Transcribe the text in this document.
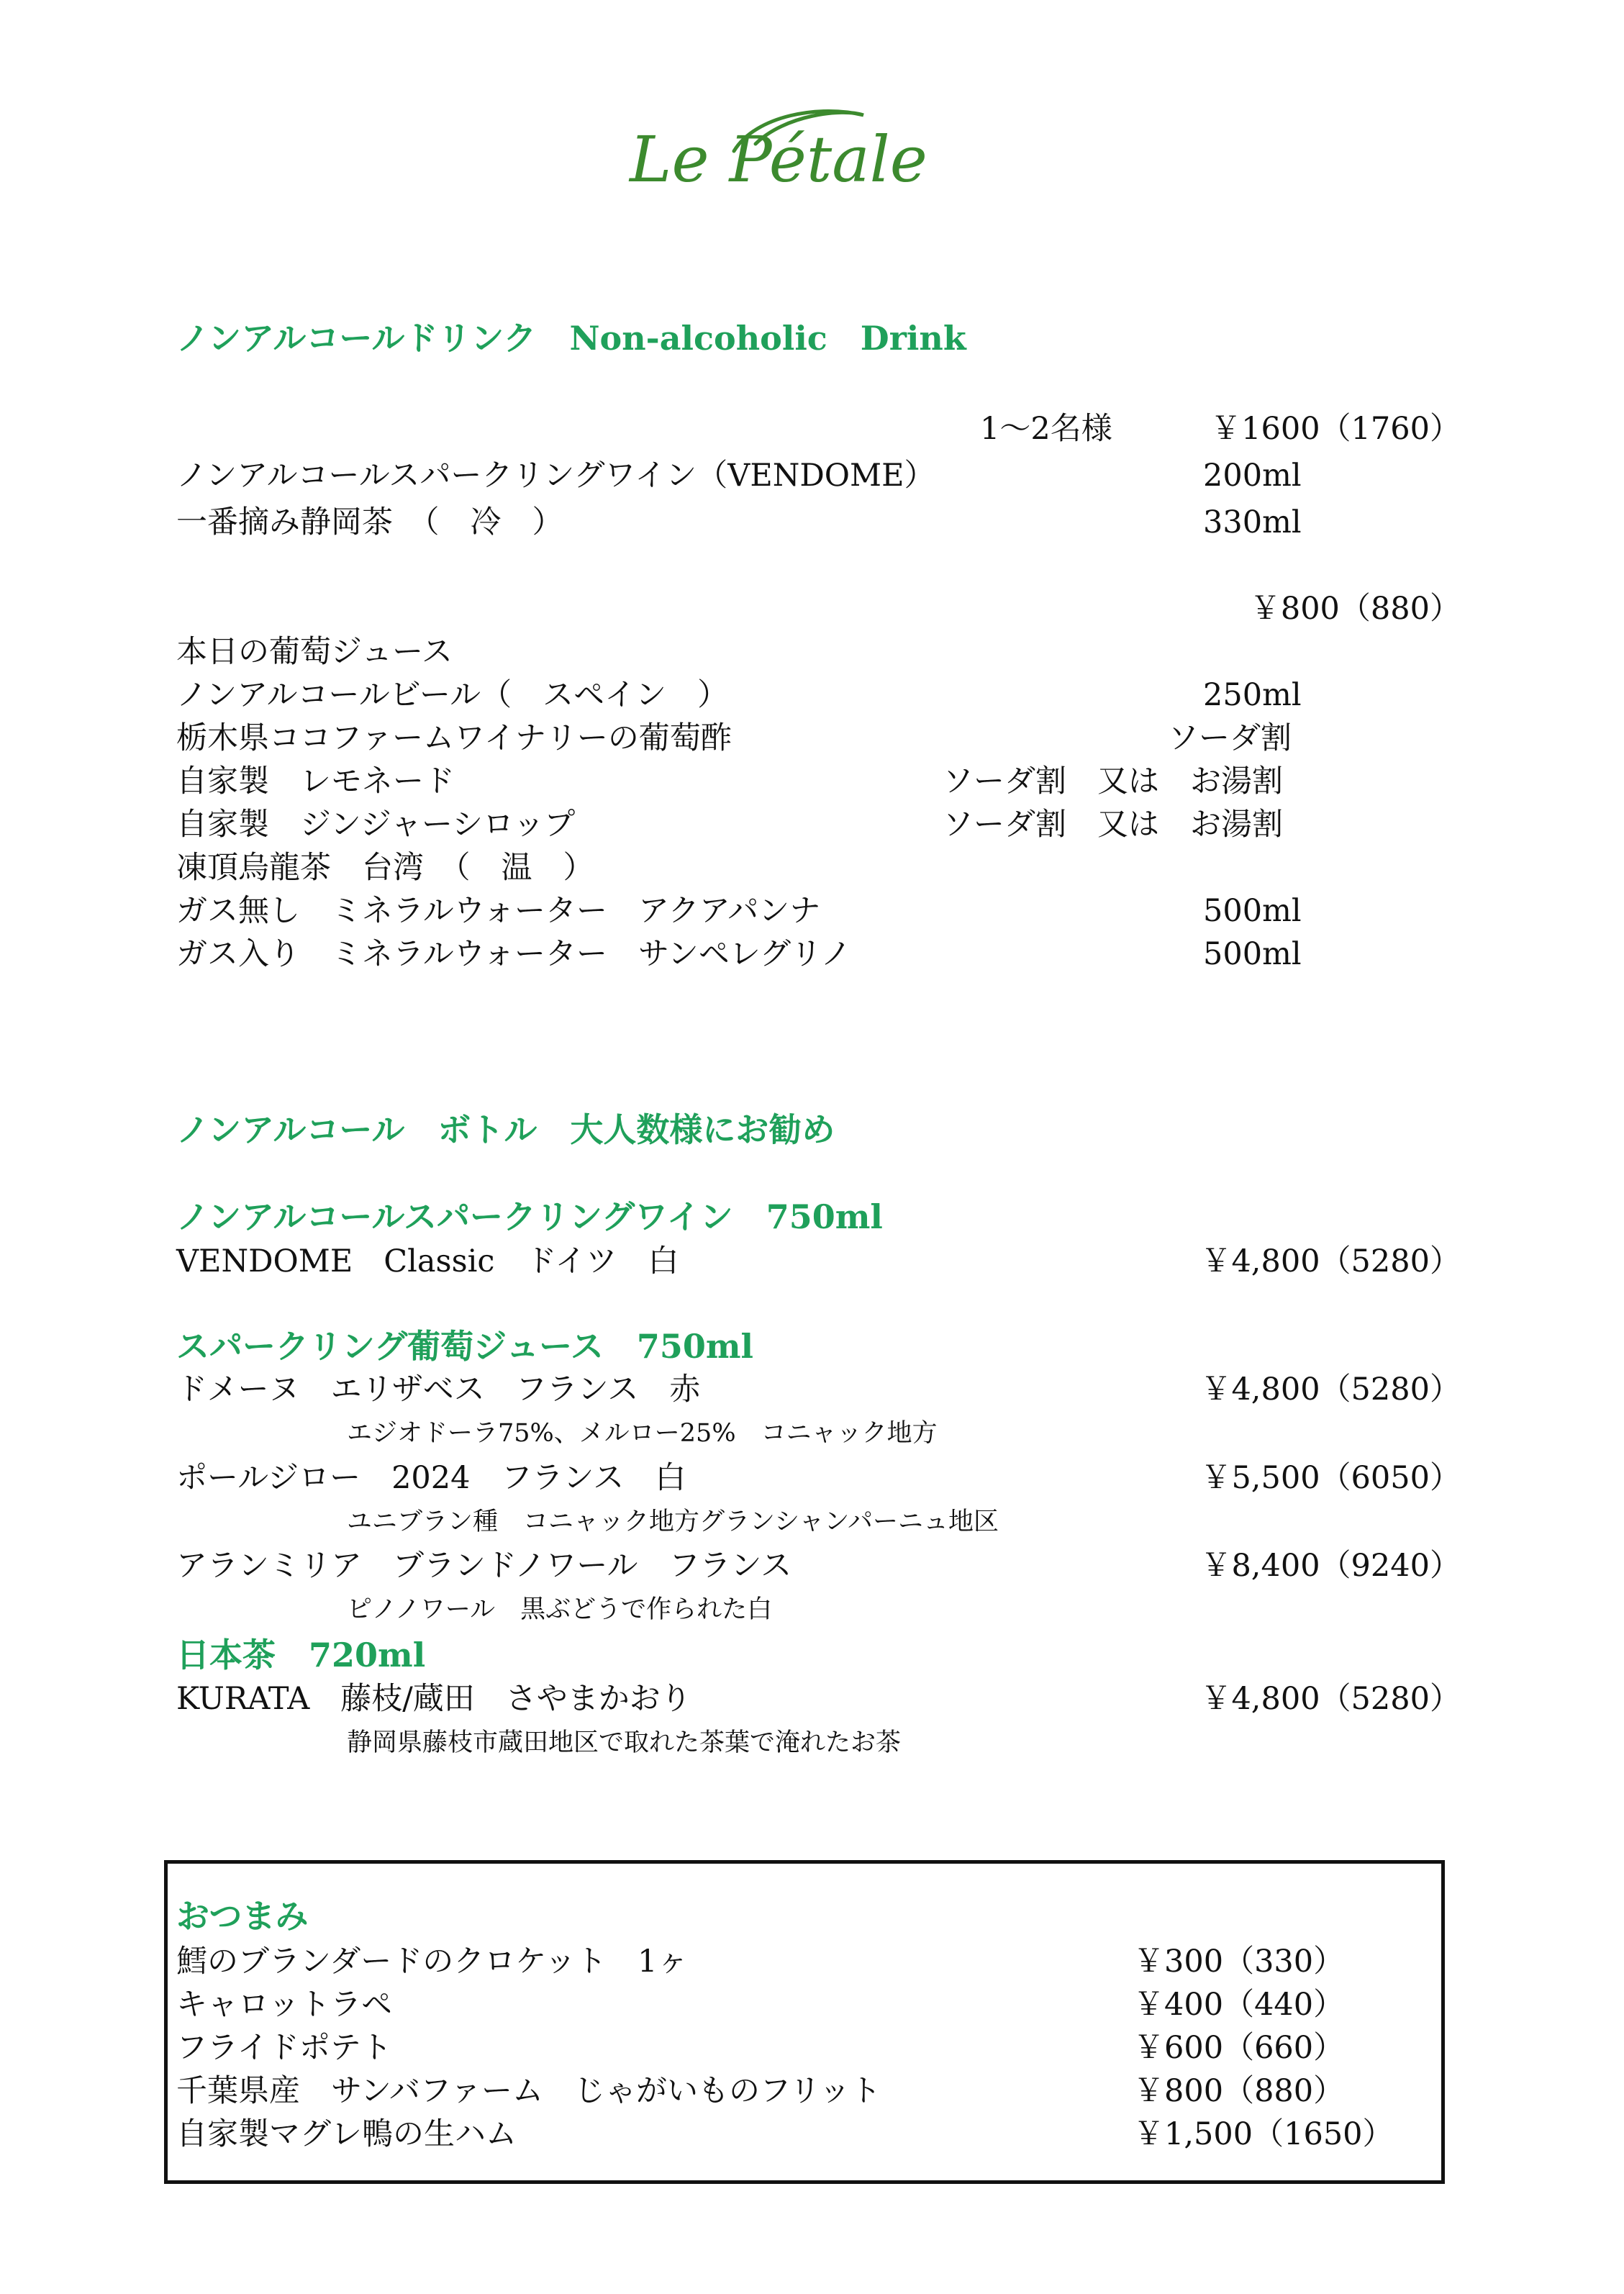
Le Pétale
ノンアルコールドリンク　Non-alcoholic　Drink
1～2名様	￥1600（1760）
ノンアルコールスパークリングワイン（VENDOME）	200ml
一番摘み静岡茶　（　冷　）	330ml
￥800（880）
本日の葡萄ジュース
ノンアルコールビール（　スペイン　）	250ml
栃木県ココファームワイナリーの葡萄酢	ソーダ割
自家製　レモネード	ソーダ割　又は　お湯割
自家製　ジンジャーシロップ	ソーダ割　又は　お湯割
凍頂烏龍茶　台湾　（　温　）
ガス無し　ミネラルウォーター　アクアパンナ	500ml
ガス入り　ミネラルウォーター　サンペレグリノ	500ml
ノンアルコール　ボトル　大人数様にお勧め
ノンアルコールスパークリングワイン　750ml
VENDOME　Classic　ドイツ　白	￥4,800（5280）
スパークリング葡萄ジュース　750ml
ドメーヌ　エリザベス　フランス　赤	￥4,800（5280）
エジオドーラ75%、メルロー25%　コニャック地方
ポールジロー　2024　フランス　白	￥5,500（6050）
ユニブラン種　コニャック地方グランシャンパーニュ地区
アランミリア　ブランドノワール　フランス	￥8,400（9240）
ピノノワール　黒ぶどうで作られた白
日本茶　720ml
KURATA　藤枝/蔵田　さやまかおり	￥4,800（5280）
静岡県藤枝市蔵田地区で取れた茶葉で淹れたお茶
おつまみ
鱈のブランダードのクロケット　1ヶ	￥300（330）
キャロットラペ	￥400（440）
フライドポテト	￥600（660）
千葉県産　サンバファーム　じゃがいものフリット	￥800（880）
自家製マグレ鴨の生ハム	￥1,500（1650）
